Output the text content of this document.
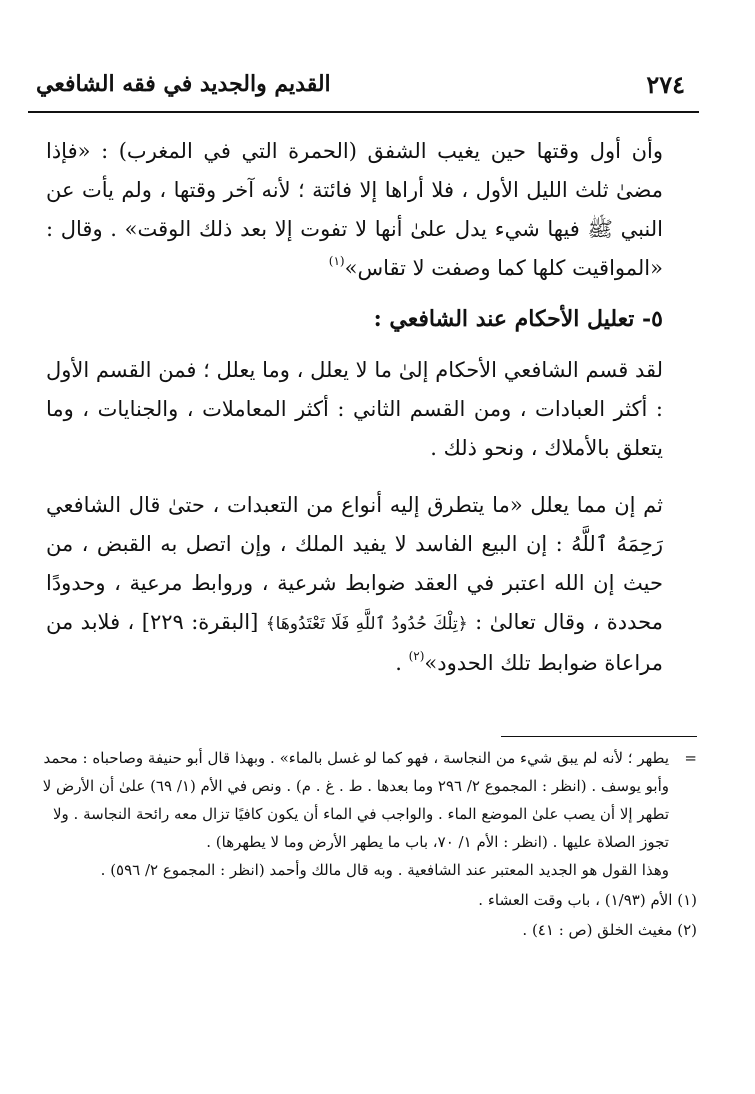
٢٧٤
القديم والجديد في فقه الشافعي

وأن أول وقتها حين يغيب الشفق (الحمرة التي في المغرب) : «فإذا مضىٰ ثلث الليل الأول ، فلا أراها إلا فائتة ؛ لأنه آخر وقتها ، ولم يأت عن النبي ﷺ فيها شيء يدل علىٰ أنها لا تفوت إلا بعد ذلك الوقت» . وقال : «المواقيت كلها كما وصفت لا تقاس»$^{(١)}$

٥- تعليل الأحكام عند الشافعي :

لقد قسم الشافعي الأحكام إلىٰ ما لا يعلل ، وما يعلل ؛ فمن القسم الأول : أكثر العبادات ، ومن القسم الثاني : أكثر المعاملات ، والجنايات ، وما يتعلق بالأملاك ، ونحو ذلك .

ثم إن مما يعلل «ما يتطرق إليه أنواع من التعبدات ، حتىٰ قال الشافعي رَحِمَهُ ٱللَّهُ : إن البيع الفاسد لا يفيد الملك ، وإن اتصل به القبض ، من حيث إن الله اعتبر في العقد ضوابط شرعية ، وروابط مرعية ، وحدودًا محددة ، وقال تعالىٰ : ﴿تِلْكَ حُدُودُ ٱللَّهِ فَلَا تَعْتَدُوهَا﴾ [البقرة: ٢٢٩] ، فلابد من مراعاة ضوابط تلك الحدود»$^{(٢)}$ .

=
يطهر ؛ لأنه لم يبق شيء من النجاسة ، فهو كما لو غسل بالماء» . وبهذا قال أبو حنيفة وصاحباه : محمد وأبو يوسف . (انظر : المجموع ٢/ ٢٩٦ وما بعدها . ط . غ . م) . ونص في الأم (١/ ٦٩) علىٰ أن الأرض لا تطهر إلا أن يصب علىٰ الموضع الماء . والواجب في الماء أن يكون كافيًا تزال معه رائحة النجاسة . ولا تجوز الصلاة عليها . (انظر : الأم ١/ ٧٠، باب ما يطهر الأرض وما لا يطهرها) .

وهذا القول هو الجديد المعتبر عند الشافعية . وبه قال مالك وأحمد (انظر : المجموع ٢/ ٥٩٦) .

(١) الأم (١/٩٣) ، باب وقت العشاء .

(٢) مغيث الخلق (ص : ٤١) .
